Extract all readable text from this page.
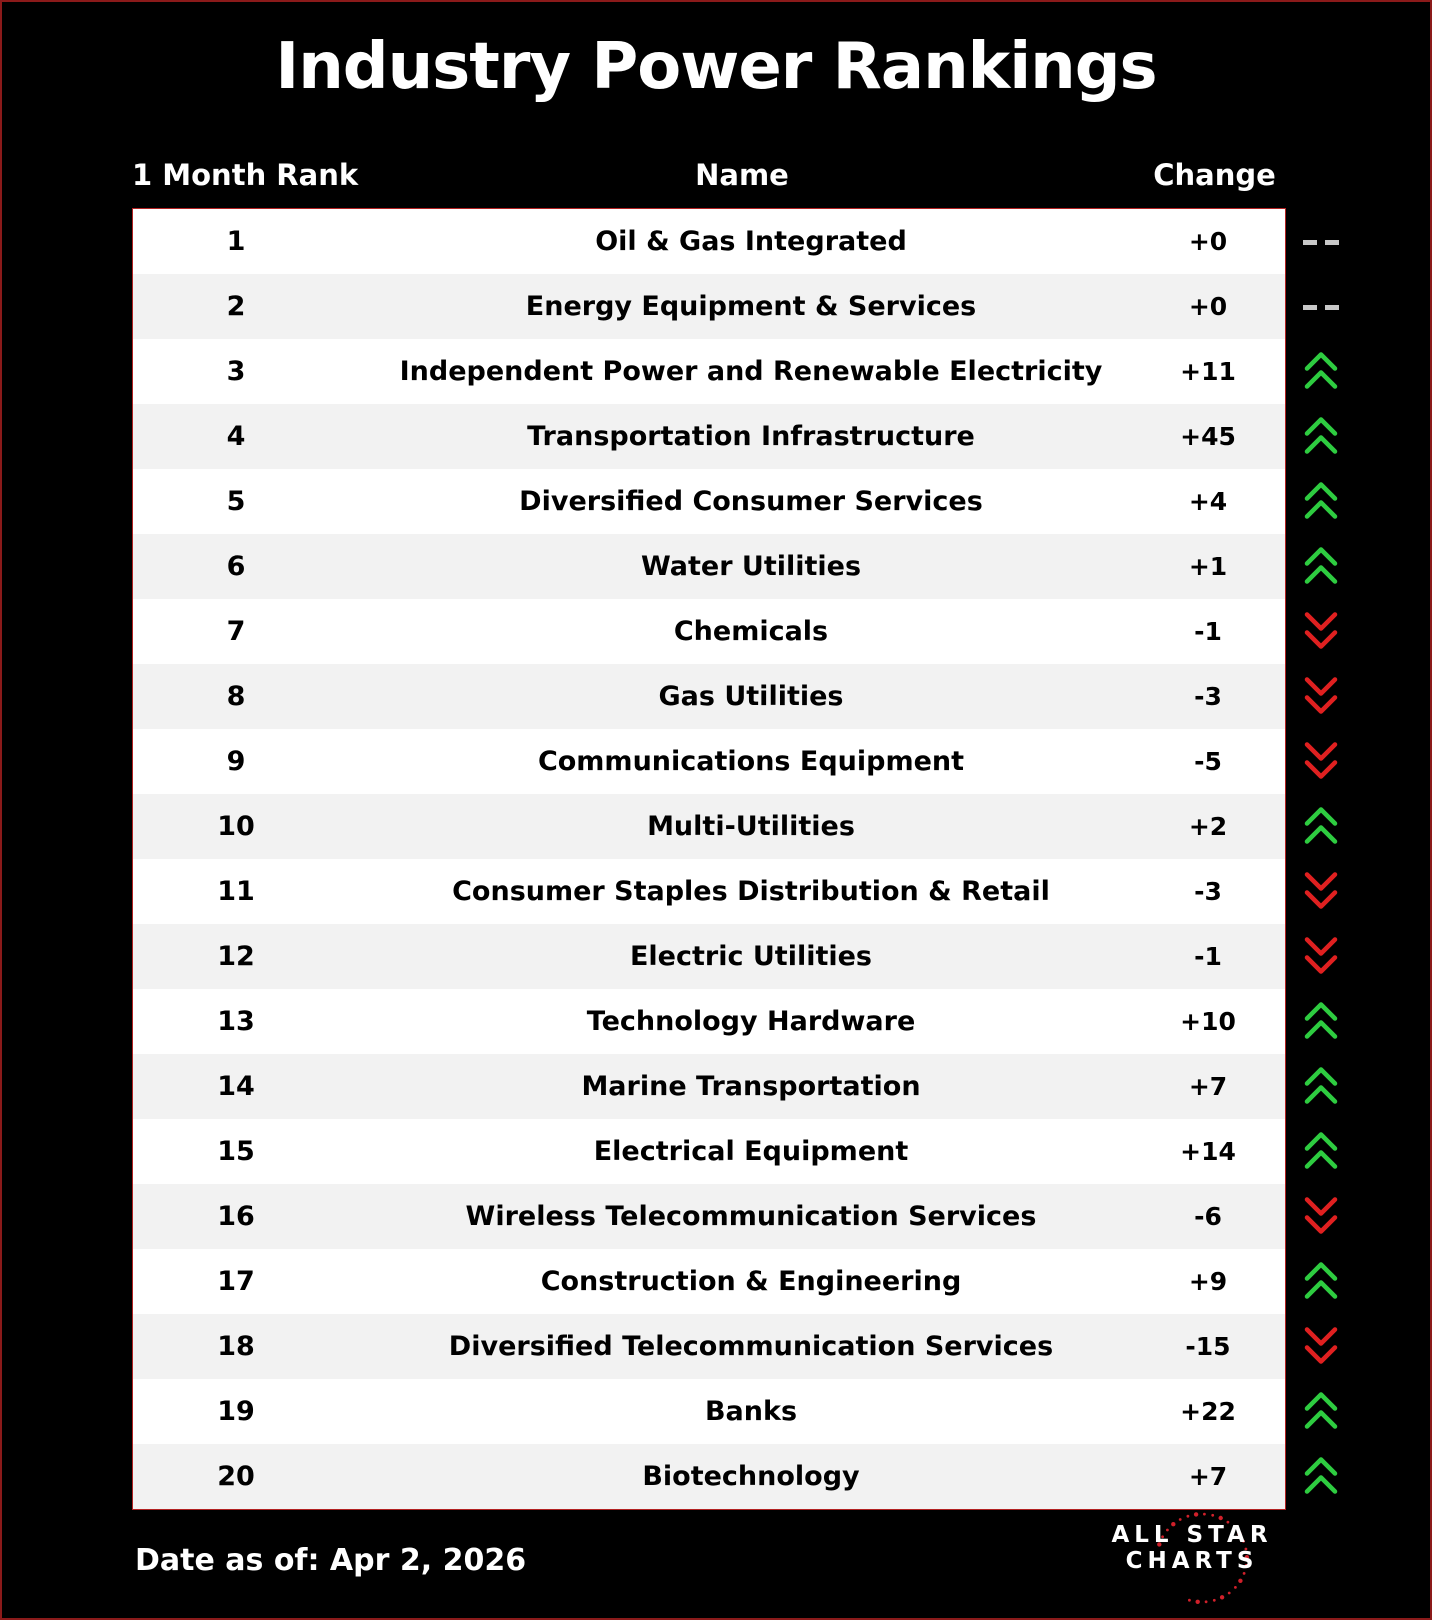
Industry Power Rankings
1 Month Rank	Name	Change
1	Oil & Gas Integrated	+0
2	Energy Equipment & Services	+0
3	Independent Power and Renewable Electricity	+11
4	Transportation Infrastructure	+45
5	Diversified Consumer Services	+4
6	Water Utilities	+1
7	Chemicals	-1
8	Gas Utilities	-3
9	Communications Equipment	-5
10	Multi-Utilities	+2
11	Consumer Staples Distribution & Retail	-3
12	Electric Utilities	-1
13	Technology Hardware	+10
14	Marine Transportation	+7
15	Electrical Equipment	+14
16	Wireless Telecommunication Services	-6
17	Construction & Engineering	+9
18	Diversified Telecommunication Services	-15
19	Banks	+22
20	Biotechnology	+7
Date as of: Apr 2, 2026
ALL STAR
CHARTS
